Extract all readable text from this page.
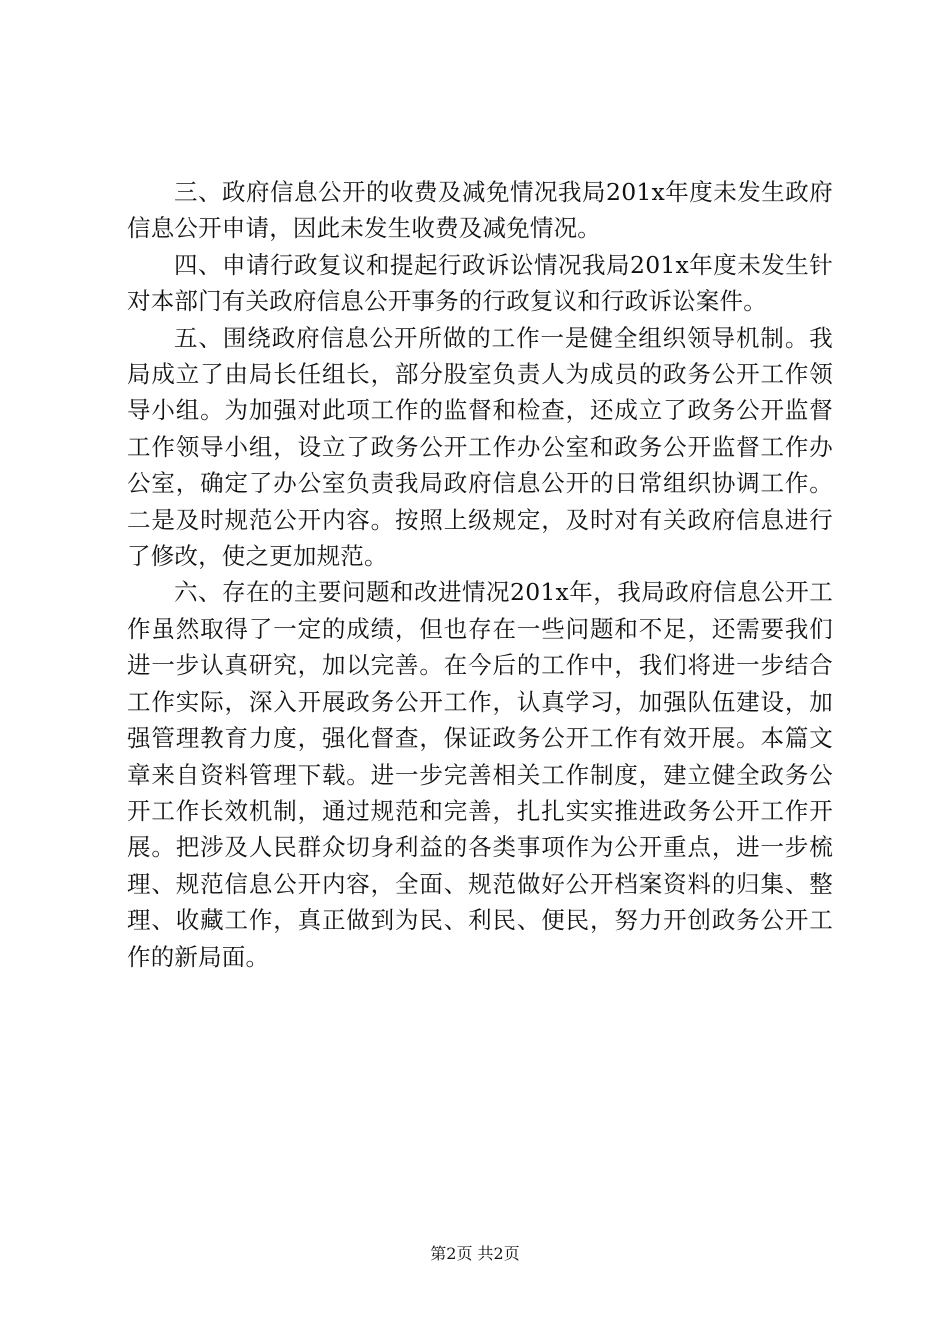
三、政府信息公开的收费及减免情况我局201x年度未发生政府信息公开申请，因此未发生收费及减免情况。

四、申请行政复议和提起行政诉讼情况我局201x年度未发生针对本部门有关政府信息公开事务的行政复议和行政诉讼案件。

五、围绕政府信息公开所做的工作一是健全组织领导机制。我局成立了由局长任组长，部分股室负责人为成员的政务公开工作领导小组。为加强对此项工作的监督和检查，还成立了政务公开监督工作领导小组，设立了政务公开工作办公室和政务公开监督工作办公室，确定了办公室负责我局政府信息公开的日常组织协调工作。二是及时规范公开内容。按照上级规定，及时对有关政府信息进行了修改，使之更加规范。

六、存在的主要问题和改进情况201x年，我局政府信息公开工作虽然取得了一定的成绩，但也存在一些问题和不足，还需要我们进一步认真研究，加以完善。在今后的工作中，我们将进一步结合工作实际，深入开展政务公开工作，认真学习，加强队伍建设，加强管理教育力度，强化督查，保证政务公开工作有效开展。本篇文章来自资料管理下载。进一步完善相关工作制度，建立健全政务公开工作长效机制，通过规范和完善，扎扎实实推进政务公开工作开展。把涉及人民群众切身利益的各类事项作为公开重点，进一步梳理、规范信息公开内容，全面、规范做好公开档案资料的归集、整理、收藏工作，真正做到为民、利民、便民，努力开创政务公开工作的新局面。

第2页 共2页
